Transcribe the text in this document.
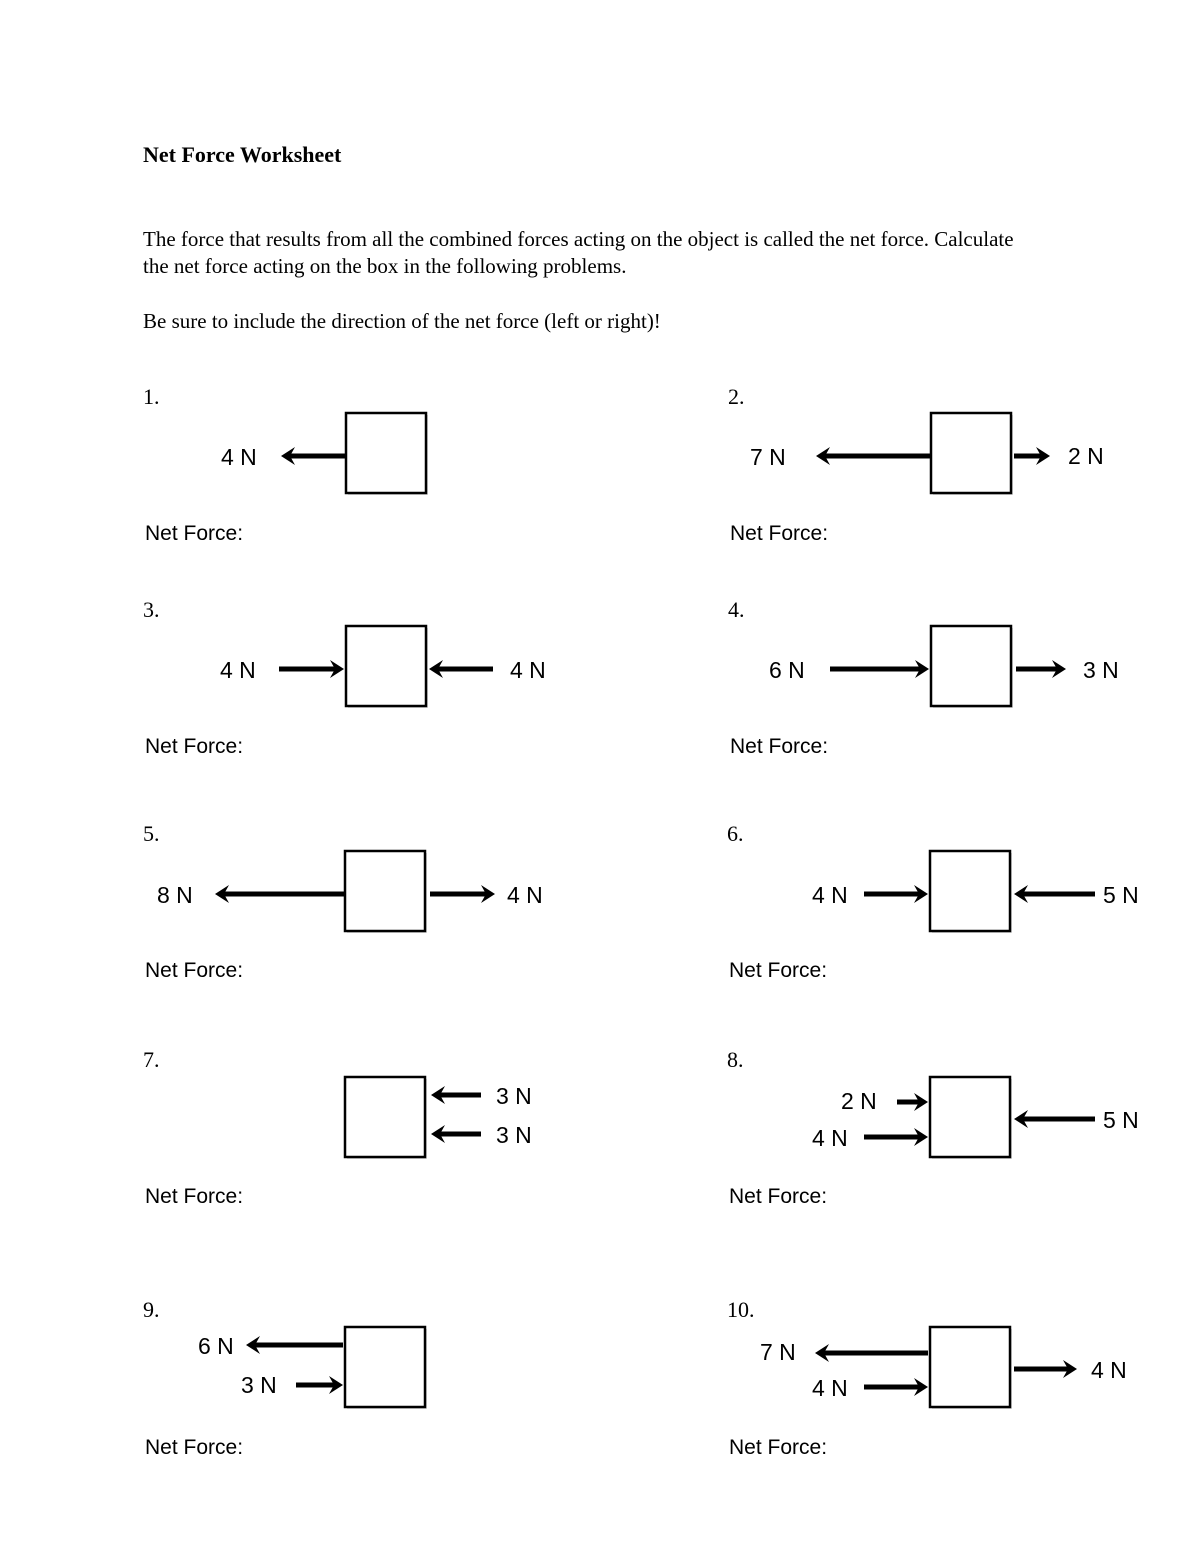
Net Force Worksheet

The force that results from all the combined forces acting on the object is called the net force. Calculate the net force acting on the box in the following problems.

Be sure to include the direction of the net force (left or right)!

1.
4 N
Net Force:
2.
7 N	2 N
Net Force:
3.
4 N	4 N
Net Force:
4.
6 N	3 N
Net Force:
5.
8 N	4 N
Net Force:
6.
4 N	5 N
Net Force:
7.
3 N
3 N
Net Force:
8.
2 N
4 N
5 N
Net Force:
9.
6 N
3 N
Net Force:
10.
7 N
4 N
4 N
Net Force:
